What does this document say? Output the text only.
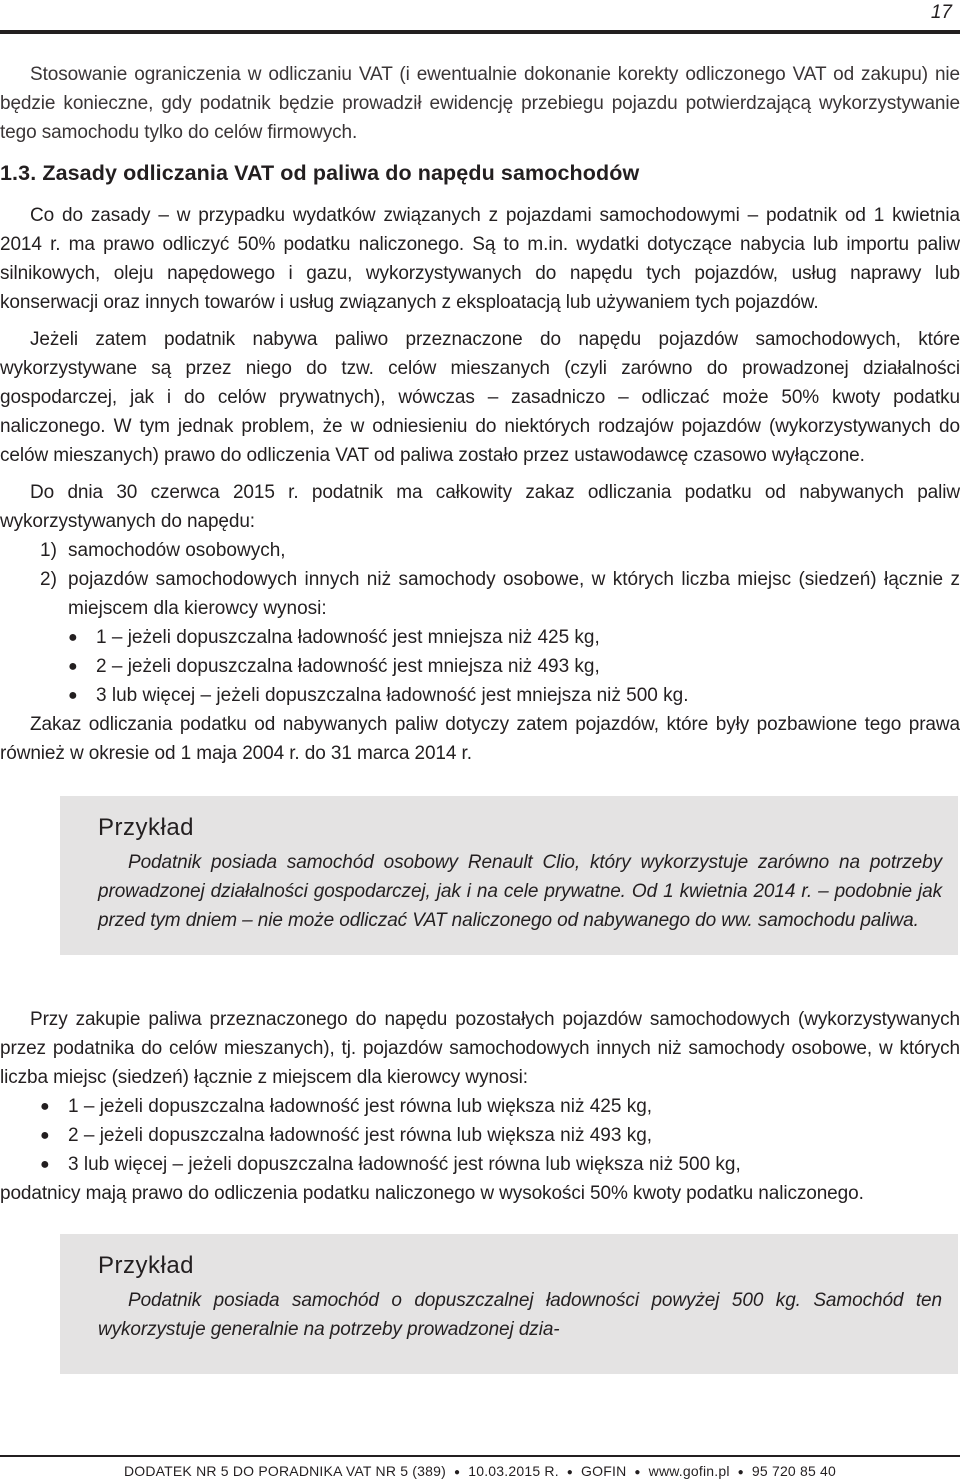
17

Stosowanie ograniczenia w odliczaniu VAT (i ewentualnie dokonanie korekty odliczonego VAT od zakupu) nie będzie konieczne, gdy podatnik będzie prowadził ewidencję przebiegu pojazdu potwierdzającą wykorzystywanie tego samochodu tylko do celów firmowych.

1.3. Zasady odliczania VAT od paliwa do napędu samochodów

Co do zasady – w przypadku wydatków związanych z pojazdami samochodowymi – podatnik od 1 kwietnia 2014 r. ma prawo odliczyć 50% podatku naliczonego. Są to m.in. wydatki dotyczące nabycia lub importu paliw silnikowych, oleju napędowego i gazu, wykorzystywanych do napędu tych pojazdów, usług naprawy lub konserwacji oraz innych towarów i usług związanych z eksploatacją lub używaniem tych pojazdów.

Jeżeli zatem podatnik nabywa paliwo przeznaczone do napędu pojazdów samochodowych, które wykorzystywane są przez niego do tzw. celów mieszanych (czyli zarówno do prowadzonej działalności gospodarczej, jak i do celów prywatnych), wówczas – zasadniczo – odliczać może 50% kwoty podatku naliczonego. W tym jednak problem, że w odniesieniu do niektórych rodzajów pojazdów (wykorzystywanych do celów mieszanych) prawo do odliczenia VAT od paliwa zostało przez ustawodawcę czasowo wyłączone.

Do dnia 30 czerwca 2015 r. podatnik ma całkowity zakaz odliczania podatku od nabywanych paliw wykorzystywanych do napędu:

1) samochodów osobowych,
2) pojazdów samochodowych innych niż samochody osobowe, w których liczba miejsc (siedzeń) łącznie z miejscem dla kierowcy wynosi:
● 1 – jeżeli dopuszczalna ładowność jest mniejsza niż 425 kg,
● 2 – jeżeli dopuszczalna ładowność jest mniejsza niż 493 kg,
● 3 lub więcej – jeżeli dopuszczalna ładowność jest mniejsza niż 500 kg.

Zakaz odliczania podatku od nabywanych paliw dotyczy zatem pojazdów, które były pozbawione tego prawa również w okresie od 1 maja 2004 r. do 31 marca 2014 r.

Przykład

Podatnik posiada samochód osobowy Renault Clio, który wykorzystuje zarówno na potrzeby prowadzonej działalności gospodarczej, jak i na cele prywatne. Od 1 kwietnia 2014 r. – podobnie jak przed tym dniem – nie może odliczać VAT naliczonego od nabywanego do ww. samochodu paliwa.

Przy zakupie paliwa przeznaczonego do napędu pozostałych pojazdów samochodowych (wykorzystywanych przez podatnika do celów mieszanych), tj. pojazdów samochodowych innych niż samochody osobowe, w których liczba miejsc (siedzeń) łącznie z miejscem dla kierowcy wynosi:

● 1 – jeżeli dopuszczalna ładowność jest równa lub większa niż 425 kg,
● 2 – jeżeli dopuszczalna ładowność jest równa lub większa niż 493 kg,
● 3 lub więcej – jeżeli dopuszczalna ładowność jest równa lub większa niż 500 kg,

podatnicy mają prawo do odliczenia podatku naliczonego w wysokości 50% kwoty podatku naliczonego.

Przykład

Podatnik posiada samochód o dopuszczalnej ładowności powyżej 500 kg. Samochód ten wykorzystuje generalnie na potrzeby prowadzonej dzia-

DODATEK NR 5 DO PORADNIKA VAT NR 5 (389) ● 10.03.2015 R. ● GOFIN ● www.gofin.pl ● 95 720 85 40
